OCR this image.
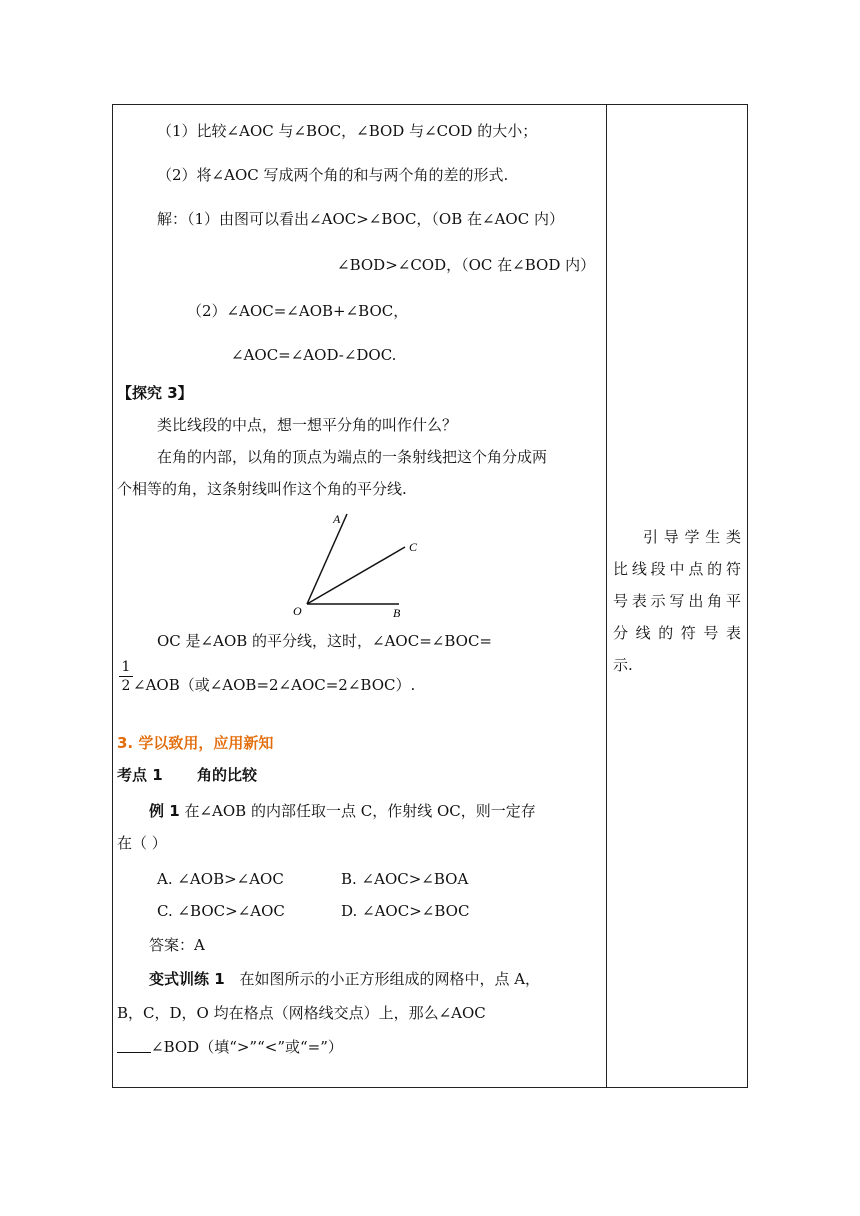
（1）比较∠AOC 与∠BOC，∠BOD 与∠COD 的大小；
（2）将∠AOC 写成两个角的和与两个角的差的形式.
解：（1）由图可以看出∠AOC>∠BOC，（OB 在∠AOC 内）
∠BOD>∠COD，（OC 在∠BOD 内）
（2）∠AOC=∠AOB+∠BOC，
∠AOC=∠AOD-∠DOC.
【探究 3】
类比线段的中点，想一想平分角的叫作什么？
在角的内部，以角的顶点为端点的一条射线把这个角分成两
个相等的角，这条射线叫作这个角的平分线.
A
C
O	B
OC 是∠AOB 的平分线，这时，∠AOC=∠BOC=
1
2 ∠AOB（或∠AOB=2∠AOC=2∠BOC）.
3. 学以致用，应用新知
考点 1 角的比较
例 1 在∠AOB 的内部任取一点 C，作射线 OC，则一定存
在（ ）
A. ∠AOB>∠AOC	B. ∠AOC>∠BOA
C. ∠BOC>∠AOC	D. ∠AOC>∠BOC
答案：A
变式训练 1 在如图所示的小正方形组成的网格中，点 A，
B，C，D，O 均在格点（网格线交点）上，那么∠AOC
∠BOD（填“>”“<”或“=”）
引导学生类
比线段中点的符
号表示写出角平
分线的符号表
示.
